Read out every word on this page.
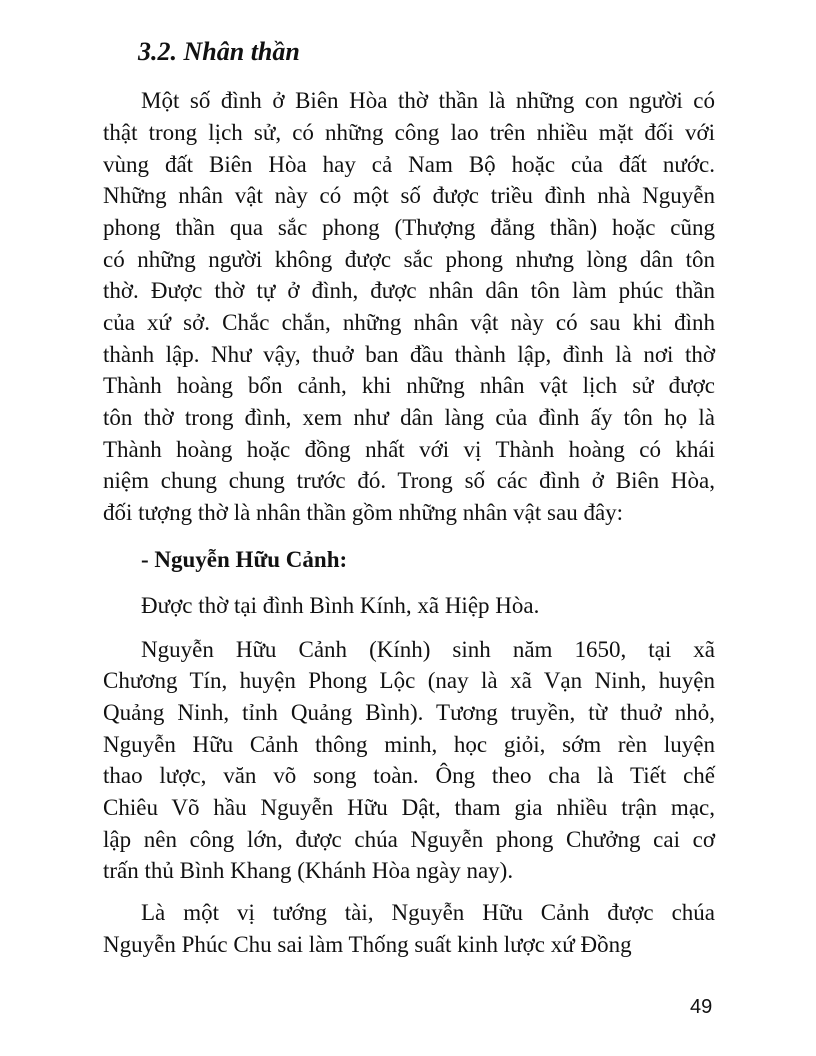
3.2. Nhân thần
Một số đình ở Biên Hòa thờ thần là những con người có
thật trong lịch sử, có những công lao trên nhiều mặt đối với
vùng đất Biên Hòa hay cả Nam Bộ hoặc của đất nước.
Những nhân vật này có một số được triều đình nhà Nguyễn
phong thần qua sắc phong (Thượng đẳng thần) hoặc cũng
có những người không được sắc phong nhưng lòng dân tôn
thờ. Được thờ tự ở đình, được nhân dân tôn làm phúc thần
của xứ sở. Chắc chắn, những nhân vật này có sau khi đình
thành lập. Như vậy, thuở ban đầu thành lập, đình là nơi thờ
Thành hoàng bổn cảnh, khi những nhân vật lịch sử được
tôn thờ trong đình, xem như dân làng của đình ấy tôn họ là
Thành hoàng hoặc đồng nhất với vị Thành hoàng có khái
niệm chung chung trước đó. Trong số các đình ở Biên Hòa,
đối tượng thờ là nhân thần gồm những nhân vật sau đây:
- Nguyễn Hữu Cảnh:
Được thờ tại đình Bình Kính, xã Hiệp Hòa.
Nguyễn Hữu Cảnh (Kính) sinh năm 1650, tại xã
Chương Tín, huyện Phong Lộc (nay là xã Vạn Ninh, huyện
Quảng Ninh, tỉnh Quảng Bình). Tương truyền, từ thuở nhỏ,
Nguyễn Hữu Cảnh thông minh, học giỏi, sớm rèn luyện
thao lược, văn võ song toàn. Ông theo cha là Tiết chế
Chiêu Võ hầu Nguyễn Hữu Dật, tham gia nhiều trận mạc,
lập nên công lớn, được chúa Nguyễn phong Chưởng cai cơ
trấn thủ Bình Khang (Khánh Hòa ngày nay).
Là một vị tướng tài, Nguyễn Hữu Cảnh được chúa
Nguyễn Phúc Chu sai làm Thống suất kinh lược xứ Đồng
49
